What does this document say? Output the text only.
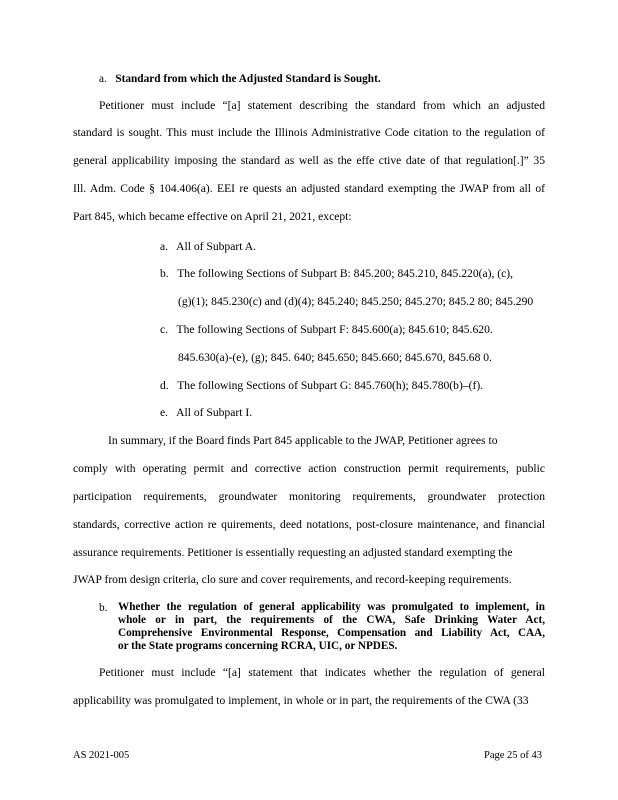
a. Standard from which the Adjusted Standard is Sought.
Petitioner must include “[a] statement describing the standard from which an adjusted
standard is sought. This must include the Illinois Administrative Code citation to the regulation of
general applicability imposing the standard as well as the effe ctive date of that regulation[.]” 35
Ill. Adm. Code § 104.406(a). EEI re quests an adjusted standard exempting the JWAP from all of
Part 845, which became effective on April 21, 2021, except:
a. All of Subpart A.
b. The following Sections of Subpart B: 845.200; 845.210, 845.220(a), (c),
(g)(1); 845.230(c) and (d)(4); 845.240; 845.250; 845.270; 845.2 80; 845.290
c. The following Sections of Subpart F: 845.600(a); 845.610; 845.620.
845.630(a)-(e), (g); 845. 640; 845.650; 845.660; 845.670, 845.68 0.
d. The following Sections of Subpart G: 845.760(h); 845.780(b)–(f).
e. All of Subpart I.
In summary, if the Board finds Part 845 applicable to the JWAP, Petitioner agrees to
comply with operating permit and corrective action construction permit requirements, public
participation requirements, groundwater monitoring requirements, groundwater protection
standards, corrective action re quirements, deed notations, post-closure maintenance, and financial
assurance requirements. Petitioner is essentially requesting an adjusted standard exempting the
JWAP from design criteria, clo sure and cover requirements, and record-keeping requirements.
b. Whether the regulation of general applicability was promulgated to implement, in
whole or in part, the requirements of the CWA, Safe Drinking Water Act,
Comprehensive Environmental Response, Compensation and Liability Act, CAA,
or the State programs concerning RCRA, UIC, or NPDES.
Petitioner must include “[a] statement that indicates whether the regulation of general
applicability was promulgated to implement, in whole or in part, the requirements of the CWA (33
AS 2021-005	Page 25 of 43
